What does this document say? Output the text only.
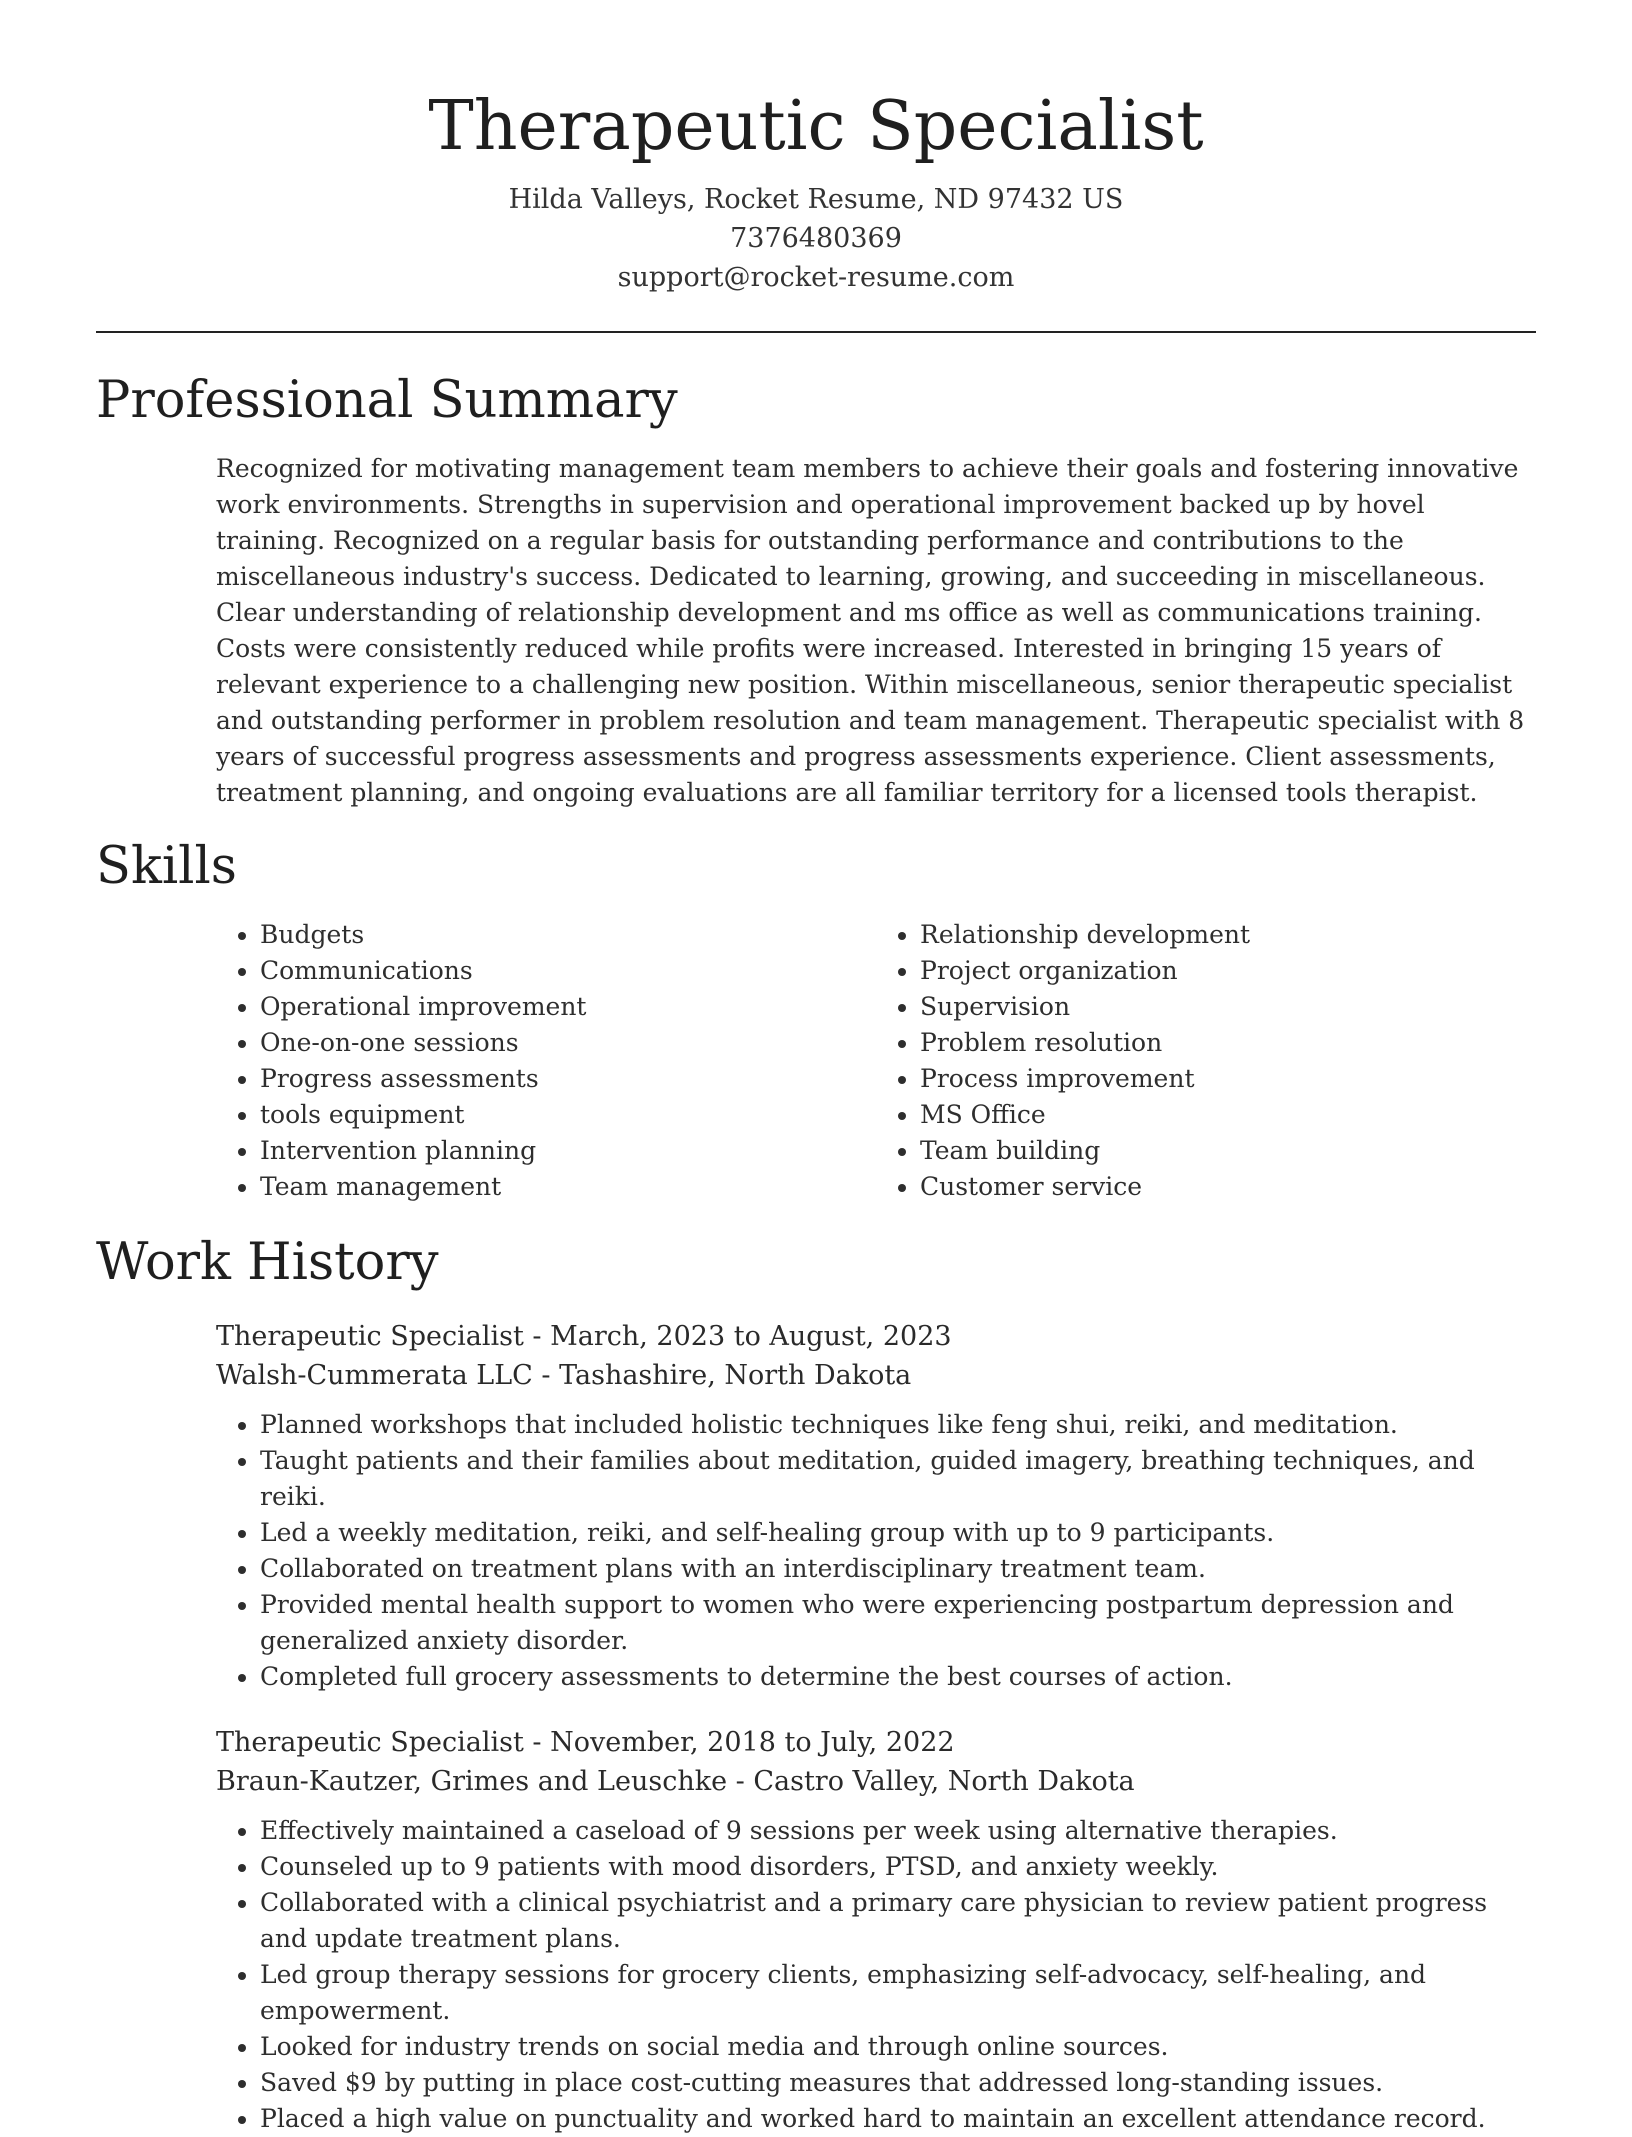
Therapeutic Specialist
Hilda Valleys, Rocket Resume, ND 97432 US
7376480369
support@rocket-resume.com
Professional Summary

Recognized for motivating management team members to achieve their goals and fostering innovative work environments. Strengths in supervision and operational improvement backed up by hovel training. Recognized on a regular basis for outstanding performance and contributions to the miscellaneous industry's success. Dedicated to learning, growing, and succeeding in miscellaneous. Clear understanding of relationship development and ms office as well as communications training. Costs were consistently reduced while profits were increased. Interested in bringing 15 years of relevant experience to a challenging new position. Within miscellaneous, senior therapeutic specialist and outstanding performer in problem resolution and team management. Therapeutic specialist with 8 years of successful progress assessments and progress assessments experience. Client assessments, treatment planning, and ongoing evaluations are all familiar territory for a licensed tools therapist.

Skills
• Budgets
• Communications
• Operational improvement
• One-on-one sessions
• Progress assessments
• tools equipment
• Intervention planning
• Team management
• Relationship development
• Project organization
• Supervision
• Problem resolution
• Process improvement
• MS Office
• Team building
• Customer service
Work History
Therapeutic Specialist - March, 2023 to August, 2023
Walsh-Cummerata LLC - Tashashire, North Dakota
• Planned workshops that included holistic techniques like feng shui, reiki, and meditation.
• Taught patients and their families about meditation, guided imagery, breathing techniques, and reiki.
• Led a weekly meditation, reiki, and self-healing group with up to 9 participants.
• Collaborated on treatment plans with an interdisciplinary treatment team.
• Provided mental health support to women who were experiencing postpartum depression and generalized anxiety disorder.
• Completed full grocery assessments to determine the best courses of action.
Therapeutic Specialist - November, 2018 to July, 2022
Braun-Kautzer, Grimes and Leuschke - Castro Valley, North Dakota
• Effectively maintained a caseload of 9 sessions per week using alternative therapies.
• Counseled up to 9 patients with mood disorders, PTSD, and anxiety weekly.
• Collaborated with a clinical psychiatrist and a primary care physician to review patient progress and update treatment plans.
• Led group therapy sessions for grocery clients, emphasizing self-advocacy, self-healing, and empowerment.
• Looked for industry trends on social media and through online sources.
• Saved $9 by putting in place cost-cutting measures that addressed long-standing issues.
• Placed a high value on punctuality and worked hard to maintain an excellent attendance record.
